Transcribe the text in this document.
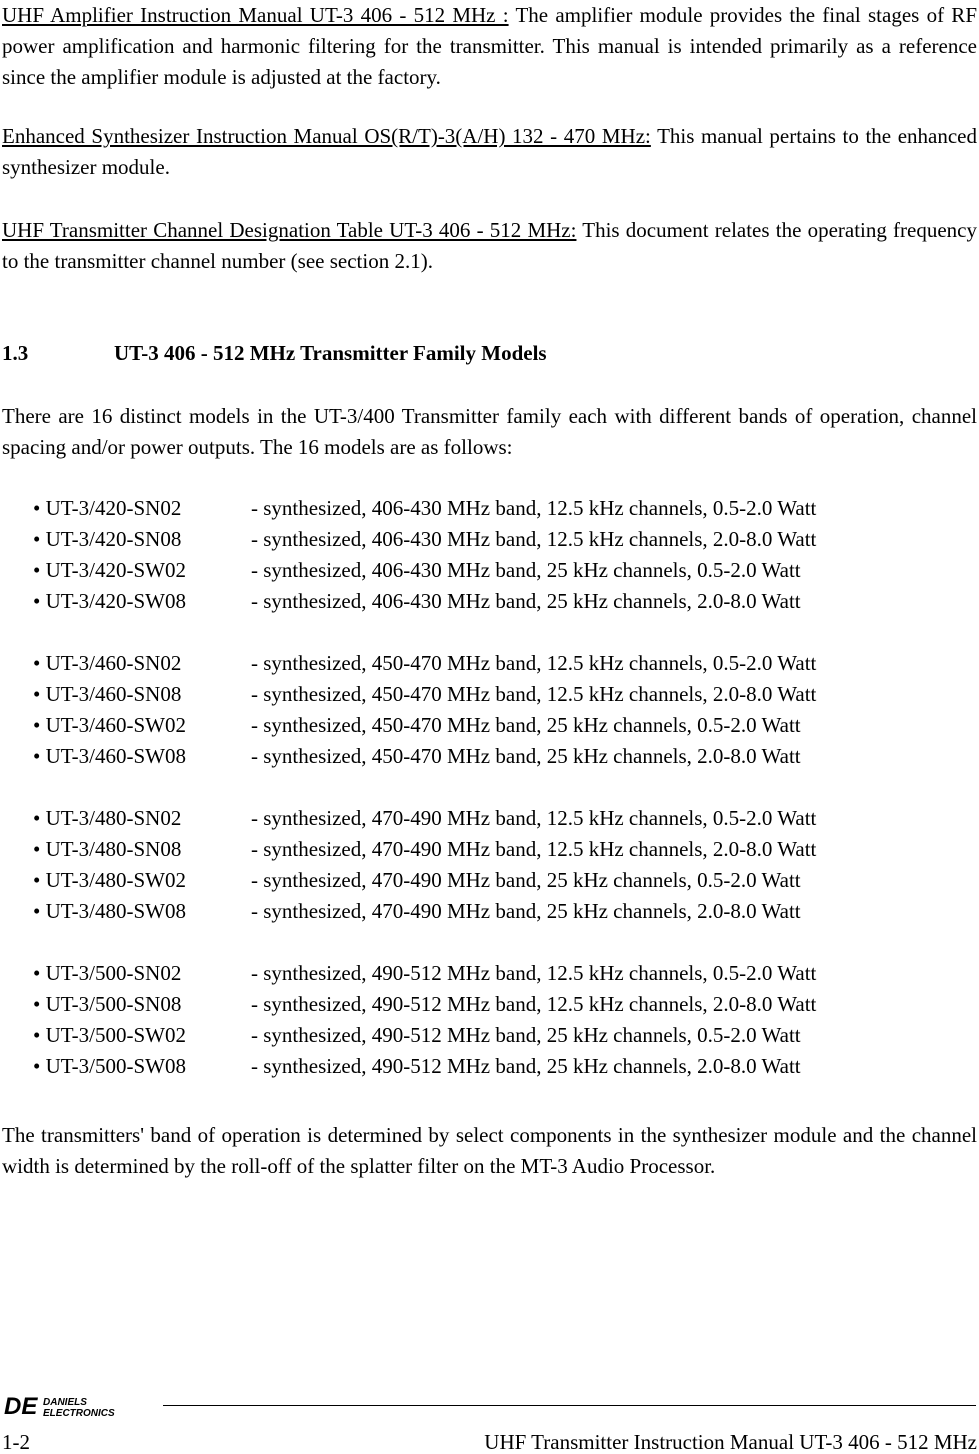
UHF Amplifier Instruction Manual UT-3 406 - 512 MHz : The amplifier module provides the final stages of RF power amplification and harmonic filtering for the transmitter. This manual is intended primarily as a reference since the amplifier module is adjusted at the factory.

Enhanced Synthesizer Instruction Manual OS(R/T)-3(A/H) 132 - 470 MHz: This manual pertains to the enhanced synthesizer module.

UHF Transmitter Channel Designation Table UT-3 406 - 512 MHz: This document relates the operating frequency to the transmitter channel number (see section 2.1).

1.3	UT-3 406 - 512 MHz Transmitter Family Models

There are 16 distinct models in the UT-3/400 Transmitter family each with different bands of operation, channel spacing and/or power outputs. The 16 models are as follows:

• UT-3/420-SN02	- synthesized, 406-430 MHz band, 12.5 kHz channels, 0.5-2.0 Watt
• UT-3/420-SN08	- synthesized, 406-430 MHz band, 12.5 kHz channels, 2.0-8.0 Watt
• UT-3/420-SW02	- synthesized, 406-430 MHz band, 25 kHz channels, 0.5-2.0 Watt
• UT-3/420-SW08	- synthesized, 406-430 MHz band, 25 kHz channels, 2.0-8.0 Watt
• UT-3/460-SN02	- synthesized, 450-470 MHz band, 12.5 kHz channels, 0.5-2.0 Watt
• UT-3/460-SN08	- synthesized, 450-470 MHz band, 12.5 kHz channels, 2.0-8.0 Watt
• UT-3/460-SW02	- synthesized, 450-470 MHz band, 25 kHz channels, 0.5-2.0 Watt
• UT-3/460-SW08	- synthesized, 450-470 MHz band, 25 kHz channels, 2.0-8.0 Watt
• UT-3/480-SN02	- synthesized, 470-490 MHz band, 12.5 kHz channels, 0.5-2.0 Watt
• UT-3/480-SN08	- synthesized, 470-490 MHz band, 12.5 kHz channels, 2.0-8.0 Watt
• UT-3/480-SW02	- synthesized, 470-490 MHz band, 25 kHz channels, 0.5-2.0 Watt
• UT-3/480-SW08	- synthesized, 470-490 MHz band, 25 kHz channels, 2.0-8.0 Watt
• UT-3/500-SN02	- synthesized, 490-512 MHz band, 12.5 kHz channels, 0.5-2.0 Watt
• UT-3/500-SN08	- synthesized, 490-512 MHz band, 12.5 kHz channels, 2.0-8.0 Watt
• UT-3/500-SW02	- synthesized, 490-512 MHz band, 25 kHz channels, 0.5-2.0 Watt
• UT-3/500-SW08	- synthesized, 490-512 MHz band, 25 kHz channels, 2.0-8.0 Watt

The transmitters' band of operation is determined by select components in the synthesizer module and the channel width is determined by the roll-off of the splatter filter on the MT-3 Audio Processor.

DE DANIELS
ELECTRONICS
1-2	UHF Transmitter Instruction Manual UT-3 406 - 512 MHz
